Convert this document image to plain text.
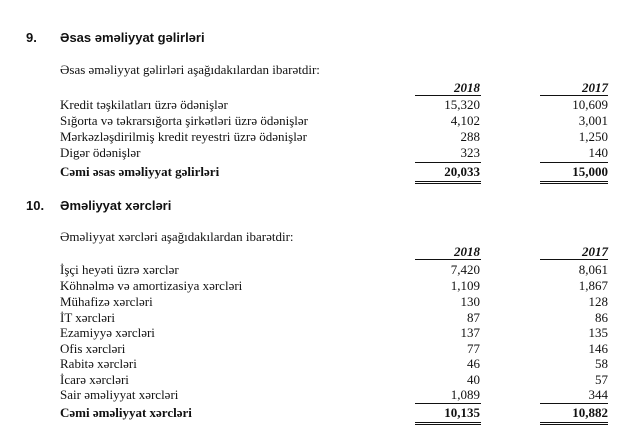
9. Əsas əməliyyat gəlirləri
Əsas əməliyyat gəlirləri aşağıdakılardan ibarətdir:
2018	2017
Kredit təşkilatları üzrə ödənişlər	15,320	10,609
Sığorta və təkrarsığorta şirkətləri üzrə ödənişlər	4,102	3,001
Mərkəzləşdirilmiş kredit reyestri üzrə ödənişlər	288	1,250
Digər ödənişlər	323	140
Cəmi əsas əməliyyat gəlirləri	20,033	15,000
10. Əməliyyat xərcləri
Əməliyyat xərcləri aşağıdakılardan ibarətdir:
2018	2017
İşçi heyəti üzrə xərclər	7,420	8,061
Köhnəlmə və amortizasiya xərcləri	1,109	1,867
Mühafizə xərcləri	130	128
İT xərcləri	87	86
Ezamiyyə xərcləri	137	135
Ofis xərcləri	77	146
Rabitə xərcləri	46	58
İcarə xərcləri	40	57
Sair əməliyyat xərcləri	1,089	344
Cəmi əməliyyat xərcləri	10,135	10,882
